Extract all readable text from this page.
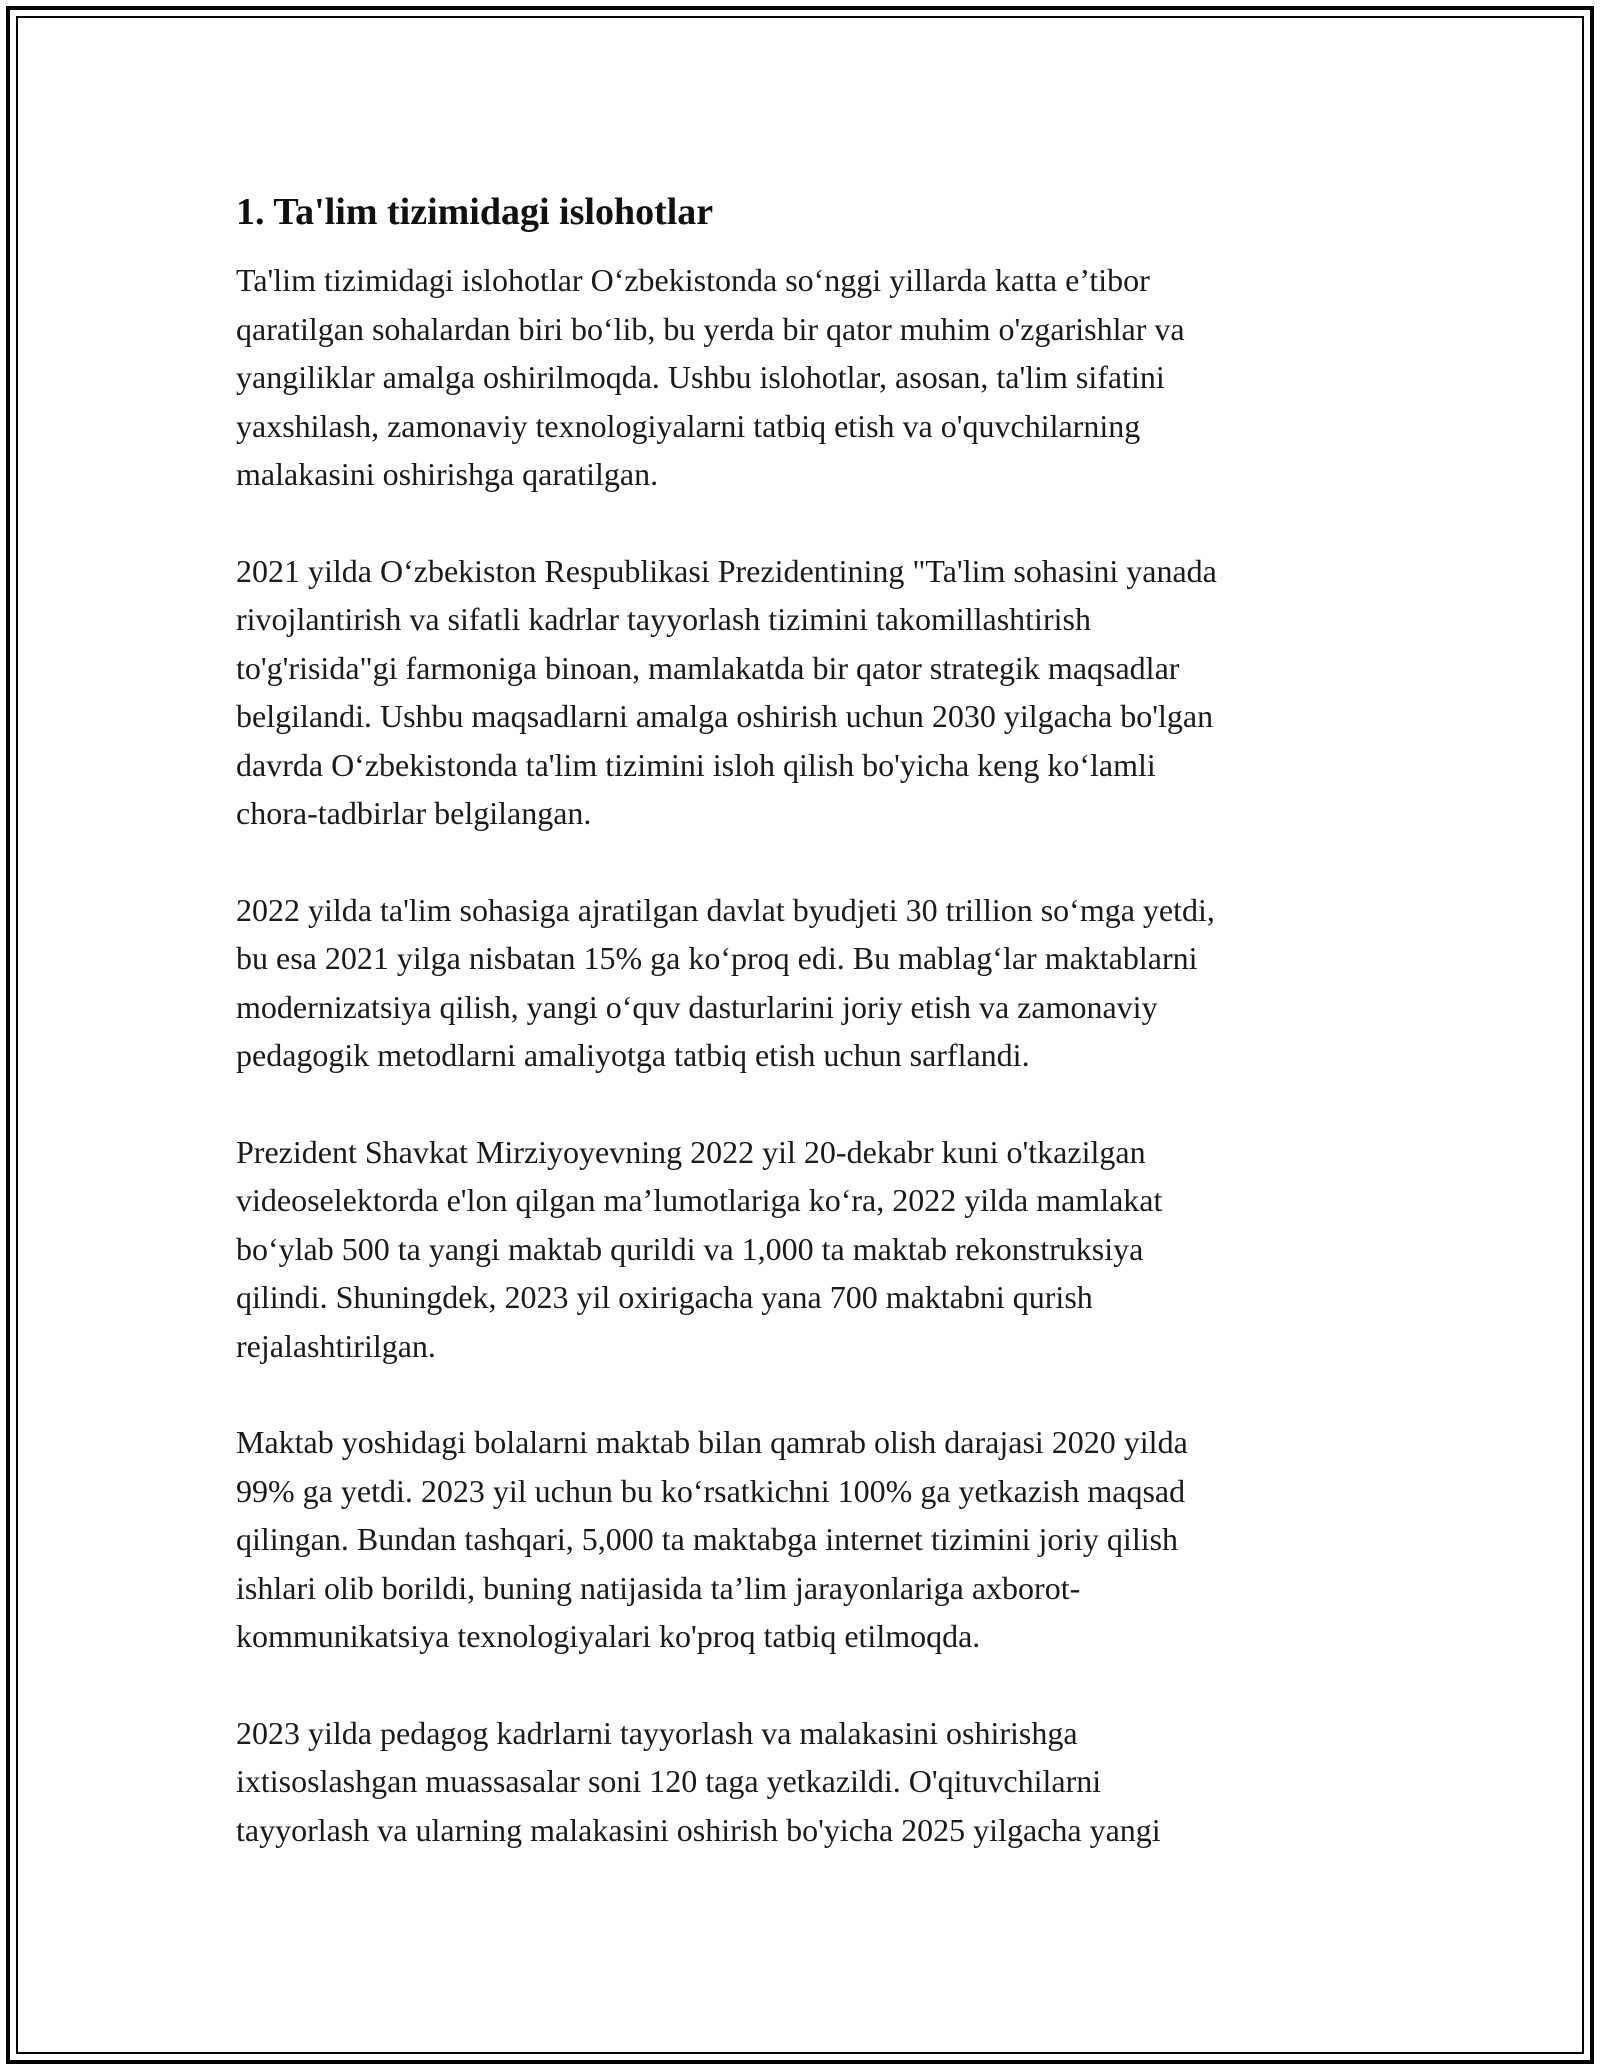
1. Ta'lim tizimidagi islohotlar

Ta'lim tizimidagi islohotlar O‘zbekistonda so‘nggi yillarda katta e’tibor
qaratilgan sohalardan biri bo‘lib, bu yerda bir qator muhim o'zgarishlar va
yangiliklar amalga oshirilmoqda. Ushbu islohotlar, asosan, ta'lim sifatini
yaxshilash, zamonaviy texnologiyalarni tatbiq etish va o'quvchilarning
malakasini oshirishga qaratilgan.

2021 yilda O‘zbekiston Respublikasi Prezidentining "Ta'lim sohasini yanada
rivojlantirish va sifatli kadrlar tayyorlash tizimini takomillashtirish
to'g'risida"gi farmoniga binoan, mamlakatda bir qator strategik maqsadlar
belgilandi. Ushbu maqsadlarni amalga oshirish uchun 2030 yilgacha bo'lgan
davrda O‘zbekistonda ta'lim tizimini isloh qilish bo'yicha keng ko‘lamli
chora-tadbirlar belgilangan.

2022 yilda ta'lim sohasiga ajratilgan davlat byudjeti 30 trillion so‘mga yetdi,
bu esa 2021 yilga nisbatan 15% ga ko‘proq edi. Bu mablag‘lar maktablarni
modernizatsiya qilish, yangi o‘quv dasturlarini joriy etish va zamonaviy
pedagogik metodlarni amaliyotga tatbiq etish uchun sarflandi.

Prezident Shavkat Mirziyoyevning 2022 yil 20-dekabr kuni o'tkazilgan
videoselektorda e'lon qilgan ma’lumotlariga ko‘ra, 2022 yilda mamlakat
bo‘ylab 500 ta yangi maktab qurildi va 1,000 ta maktab rekonstruksiya
qilindi. Shuningdek, 2023 yil oxirigacha yana 700 maktabni qurish
rejalashtirilgan.

Maktab yoshidagi bolalarni maktab bilan qamrab olish darajasi 2020 yilda
99% ga yetdi. 2023 yil uchun bu ko‘rsatkichni 100% ga yetkazish maqsad
qilingan. Bundan tashqari, 5,000 ta maktabga internet tizimini joriy qilish
ishlari olib borildi, buning natijasida ta’lim jarayonlariga axborot-
kommunikatsiya texnologiyalari ko'proq tatbiq etilmoqda.

2023 yilda pedagog kadrlarni tayyorlash va malakasini oshirishga
ixtisoslashgan muassasalar soni 120 taga yetkazildi. O'qituvchilarni
tayyorlash va ularning malakasini oshirish bo'yicha 2025 yilgacha yangi
